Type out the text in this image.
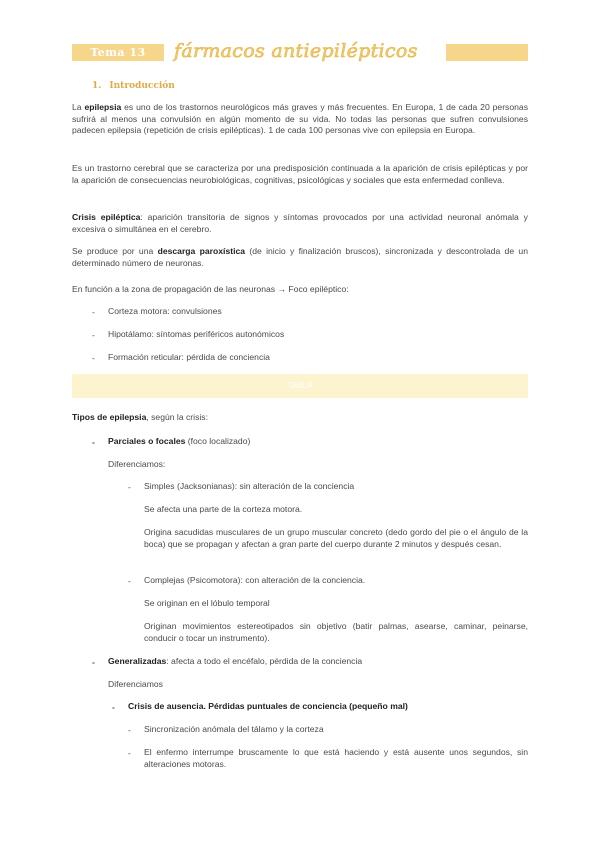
Tema 13	fármacos antiepilépticos
1. Introducción

La epilepsia es uno de los trastornos neurológicos más graves y más frecuentes. En Europa, 1 de cada 20 personas sufrirá al menos una convulsión en algún momento de su vida. No todas las personas que sufren convulsiones padecen epilepsia (repetición de crisis epilépticas). 1 de cada 100 personas vive con epilepsia en Europa.

Es un trastorno cerebral que se caracteriza por una predisposición continuada a la aparición de crisis epilépticas y por la aparición de consecuencias neurobiológicas, cognitivas, psicológicas y sociales que esta enfermedad conlleva.

Crisis epiléptica: aparición transitoria de signos y síntomas provocados por una actividad neuronal anómala y excesiva o simultánea en el cerebro.

Se produce por una descarga paroxística (de inicio y finalización bruscos), sincronizada y descontrolada de un determinado número de neuronas.

En función a la zona de propagación de las neuronas → Foco epiléptico:

- Corteza motora: convulsiones

- Hipotálamo: síntomas periféricos autonómicos

- Formación reticular: pérdida de conciencia

TABLA

Tipos de epilepsia, según la crisis:

- Parciales o focales (foco localizado)

Diferenciamos:

- Simples (Jacksonianas): sin alteración de la conciencia

Se afecta una parte de la corteza motora.

Origina sacudidas musculares de un grupo muscular concreto (dedo gordo del pie o el ángulo de la boca) que se propagan y afectan a gran parte del cuerpo durante 2 minutos y después cesan.

- Complejas (Psicomotora): con alteración de la conciencia.

Se originan en el lóbulo temporal

Originan movimientos estereotipados sin objetivo (batir palmas, asearse, caminar, peinarse, conducir o tocar un instrumento).

- Generalizadas: afecta a todo el encéfalo, pérdida de la conciencia

Diferenciamos

- Crisis de ausencia. Pérdidas puntuales de conciencia (pequeño mal)

- Sincronización anómala del tálamo y la corteza

- El enfermo interrumpe bruscamente lo que está haciendo y está ausente unos segundos, sin alteraciones motoras.
